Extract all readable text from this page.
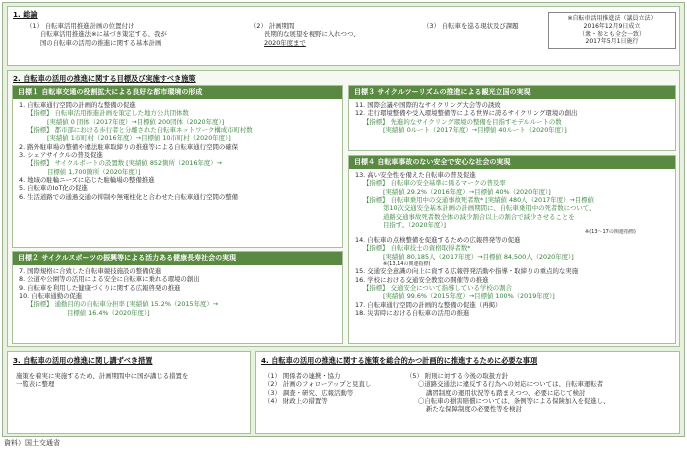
1. 総論
（1） 自転車活用推進計画の位置付け
自転車活用推進法※に基づき策定する、我が
国の自転車の活用の推進に関する基本計画
（2） 計画期間
長期的な展望を視野に入れつつ、
2020年度まで
（3） 自転車を巡る現状及び課題
※自転車活用推進法（議員立法）
2016年12月9日成立
（衆・参とも全会一致）
2017年5月1日施行
2. 自転車の活用の推進に関する目標及び実施すべき施策
目標１ 自転車交通の役割拡大による良好な都市環境の形成
1. 自転車通行空間の計画的な整備の促進
【指標】 自転車活用推進計画を策定した地方公共団体数
[実績値 0 団体（2017年度）→目標値 200団体（2020年度）]
【指標】 都市部における歩行者と分離された自転車ネットワーク構成市町村数
[実績値 1市町村（2016年度）→目標値 10市町村（2020年度）]
2. 路外駐車場の整備や違法駐車取締りの推進等による自転車通行空間の確保
3. シェアサイクルの普及促進
【指標】 サイクルポートの設置数 [実績値 852箇所（2016年度）→
目標値 1,700箇所（2020年度）]
4. 地域の駐輪ニーズに応じた駐輪場の整備推進
5. 自転車のIoT化の促進
6. 生活道路での通過交通の抑制や無電柱化と合わせた自転車通行空間の整備
目標２ サイクルスポーツの振興等による活力ある健康長寿社会の実現
7. 国際規格に合致した自転車競技施設の整備促進
8. 公道や公園等の活用による安全に自転車に乗れる環境の創出
9. 自転車を利用した健康づくりに関する広報啓発の推進
10. 自転車通勤の促進
【指標】 通勤目的の自転車分担率 [実績値 15.2%（2015年度）→
目標値 16.4%（2020年度）]
目標３ サイクルツーリズムの推進による観光立国の実現
11. 国際会議や国際的なサイクリング大会等の誘致
12. 走行環境整備や受入環境整備等による世界に誇るサイクリング環境の創出
【指標】 先進的なサイクリング環境の整備を目指すモデルルートの数
[実績値 0ルート（2017年度）→目標値 40ルート（2020年度）]
目標４ 自転車事故のない安全で安心な社会の実現
13. 高い安全性を備えた自転車の普及促進
【指標】 自転車の安全基準に係るマークの普及率
[実績値 29.2%（2016年度）→目標値 40%（2020年度）]
【指標】 自転車乗用中の交通事故死者数* [実績値 480人（2017年度）→目標値
第10次交通安全基本計画の計画期間に、自転車乗用中の死者数について、
道路交通事故死者数全体の減少割合以上の割合で減少させることを
目指す。（2020年度）]
※(13～17の関連指標)
14. 自転車の点検整備を促進するための広報啓発等の促進
【指標】 自転車技士の資格取得者数*
[実績値 80,185人（2017年度）→目標値 84,500人（2020年度）]
※(13,14の関連指標)
15. 交通安全意識の向上に資する広報啓発活動や指導・取締りの重点的な実施
16. 学校における交通安全教室の開催等の推進
【指標】 交通安全について指導している学校の割合
[実績値 99.6%（2015年度）→目標値 100%（2019年度）]
17. 自転車通行空間の計画的な整備の促進（再掲）
18. 災害時における自転車の活用の推進
3. 自転車の活用の推進に関し講ずべき措置
施策を着実に実施するため、計画期間中に国が講じる措置を
一覧表に整理
4. 自転車の活用の推進に関する施策を総合的かつ計画的に推進するために必要な事項
（1） 関係者の連携・協力
（2） 計画のフォローアップと見直し
（3） 調査・研究、広報活動等
（4） 財政上の措置等
（5） 附則に対する今後の取扱方針
〇道路交通法に違反する行為への対応については、自転車運転者
講習制度の運用状況等も踏まえつつ、必要に応じて検討
〇自転車の損害賠償については、条例等による保険加入を促進し、
新たな保障制度の必要性等を検討
資料）国土交通省
